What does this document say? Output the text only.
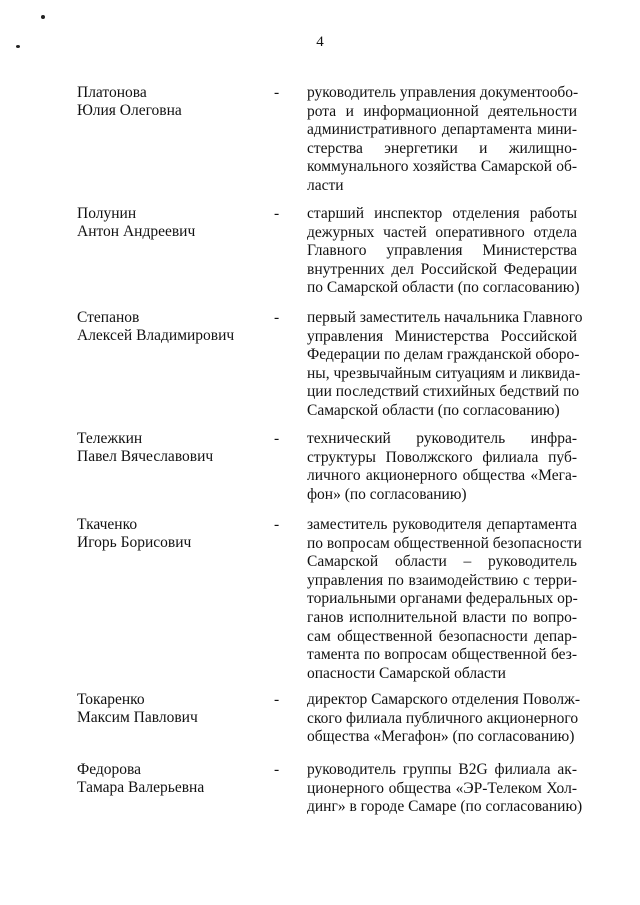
4
Платонова
Юлия Олеговна
- руководитель управления документообо-
рота и информационной деятельности
административного департамента мини-
стерства энергетики и жилищно-
коммунального хозяйства Самарской об-
ласти
Полунин
Антон Андреевич
- старший инспектор отделения работы
дежурных частей оперативного отдела
Главного управления Министерства
внутренних дел Российской Федерации
по Самарской области (по согласованию)
Степанов
Алексей Владимирович
- первый заместитель начальника Главного
управления Министерства Российской
Федерации по делам гражданской оборо-
ны, чрезвычайным ситуациям и ликвида-
ции последствий стихийных бедствий по
Самарской области (по согласованию)
Тележкин
Павел Вячеславович
- технический руководитель инфра-
структуры Поволжского филиала пуб-
личного акционерного общества «Мега-
фон» (по согласованию)
Ткаченко
Игорь Борисович
- заместитель руководителя департамента
по вопросам общественной безопасности
Самарской области – руководитель
управления по взаимодействию с терри-
ториальными органами федеральных ор-
ганов исполнительной власти по вопро-
сам общественной безопасности депар-
тамента по вопросам общественной без-
опасности Самарской области
Токаренко
Максим Павлович
- директор Самарского отделения Поволж-
ского филиала публичного акционерного
общества «Мегафон» (по согласованию)
Федорова
Тамара Валерьевна
- руководитель группы B2G филиала ак-
ционерного общества «ЭР-Телеком Хол-
динг» в городе Самаре (по согласованию)
